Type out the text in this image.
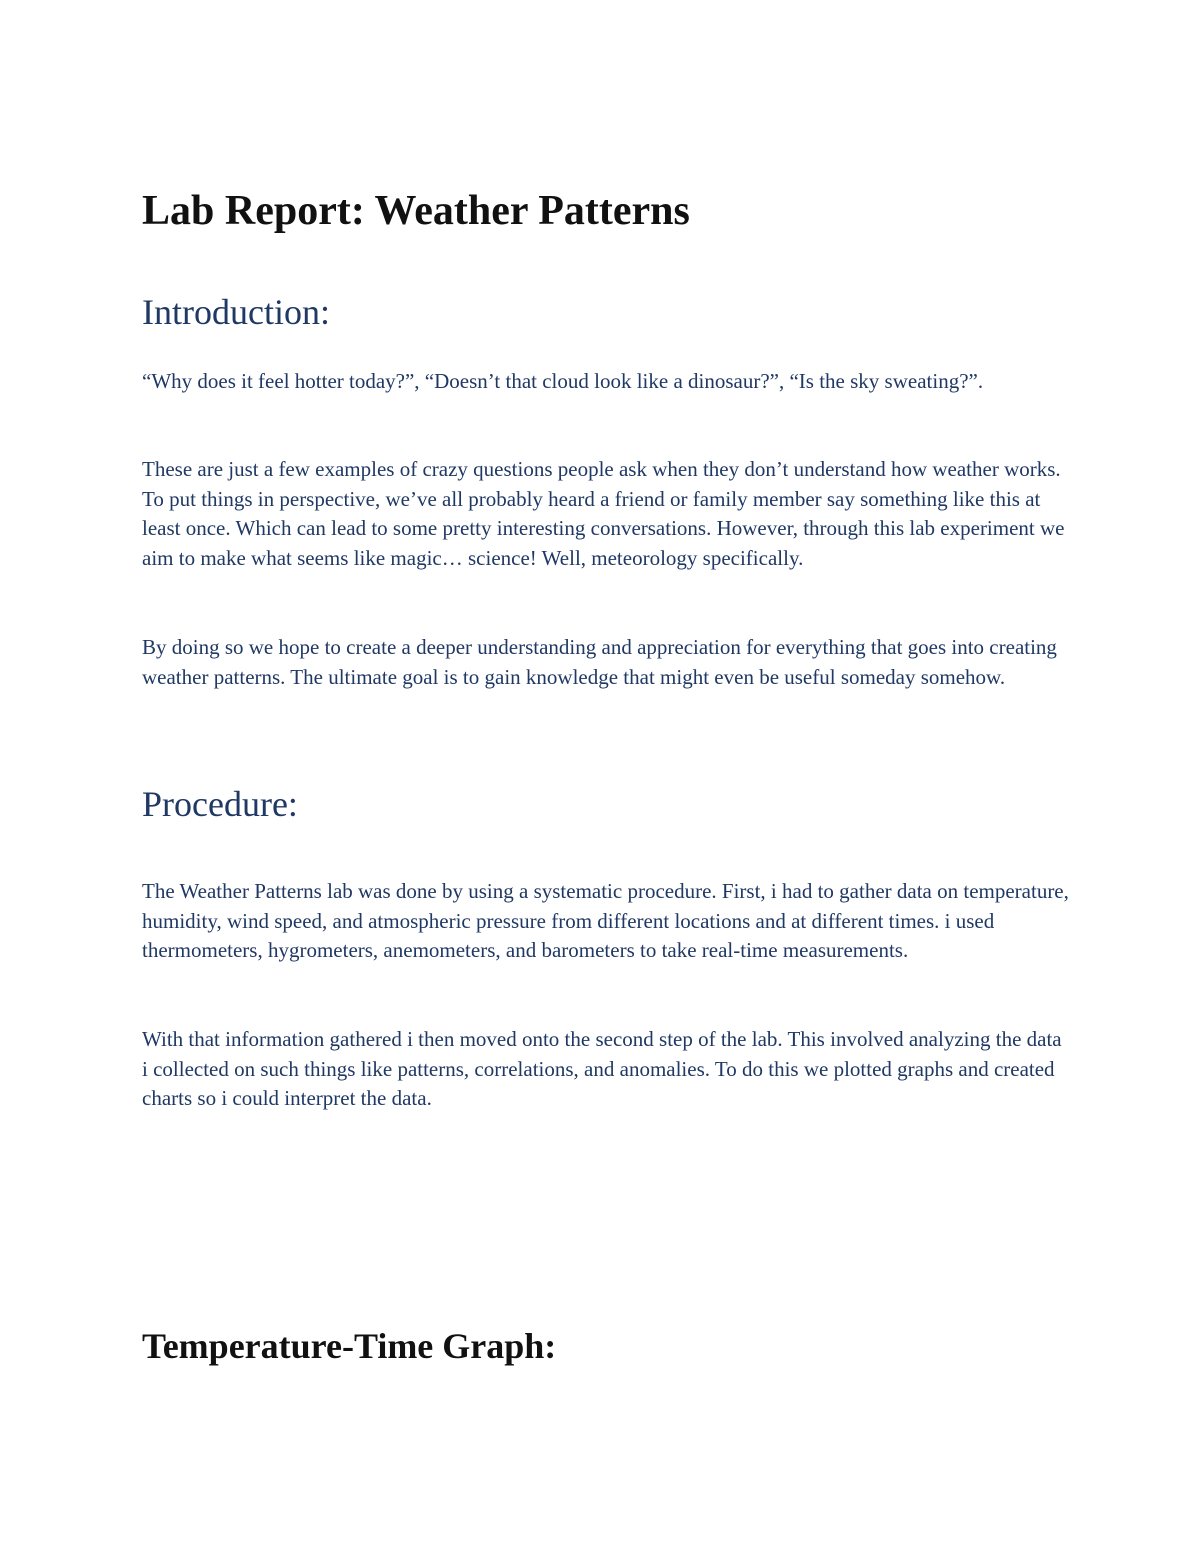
Lab Report: Weather Patterns
Introduction:

“Why does it feel hotter today?”, “Doesn’t that cloud look like a dinosaur?”, “Is the sky sweating?”.

These are just a few examples of crazy questions people ask when they don’t understand how weather works. To put things in perspective, we’ve all probably heard a friend or family member say something like this at least once. Which can lead to some pretty interesting conversations. However, through this lab experiment we aim to make what seems like magic… science! Well, meteorology specifically.

By doing so we hope to create a deeper understanding and appreciation for everything that goes into creating weather patterns. The ultimate goal is to gain knowledge that might even be useful someday somehow.

Procedure:

The Weather Patterns lab was done by using a systematic procedure. First, i had to gather data on temperature, humidity, wind speed, and atmospheric pressure from different locations and at different times. i used thermometers, hygrometers, anemometers, and barometers to take real-time measurements.

With that information gathered i then moved onto the second step of the lab. This involved analyzing the data i collected on such things like patterns, correlations, and anomalies. To do this we plotted graphs and created charts so i could interpret the data.

Temperature-Time Graph:
